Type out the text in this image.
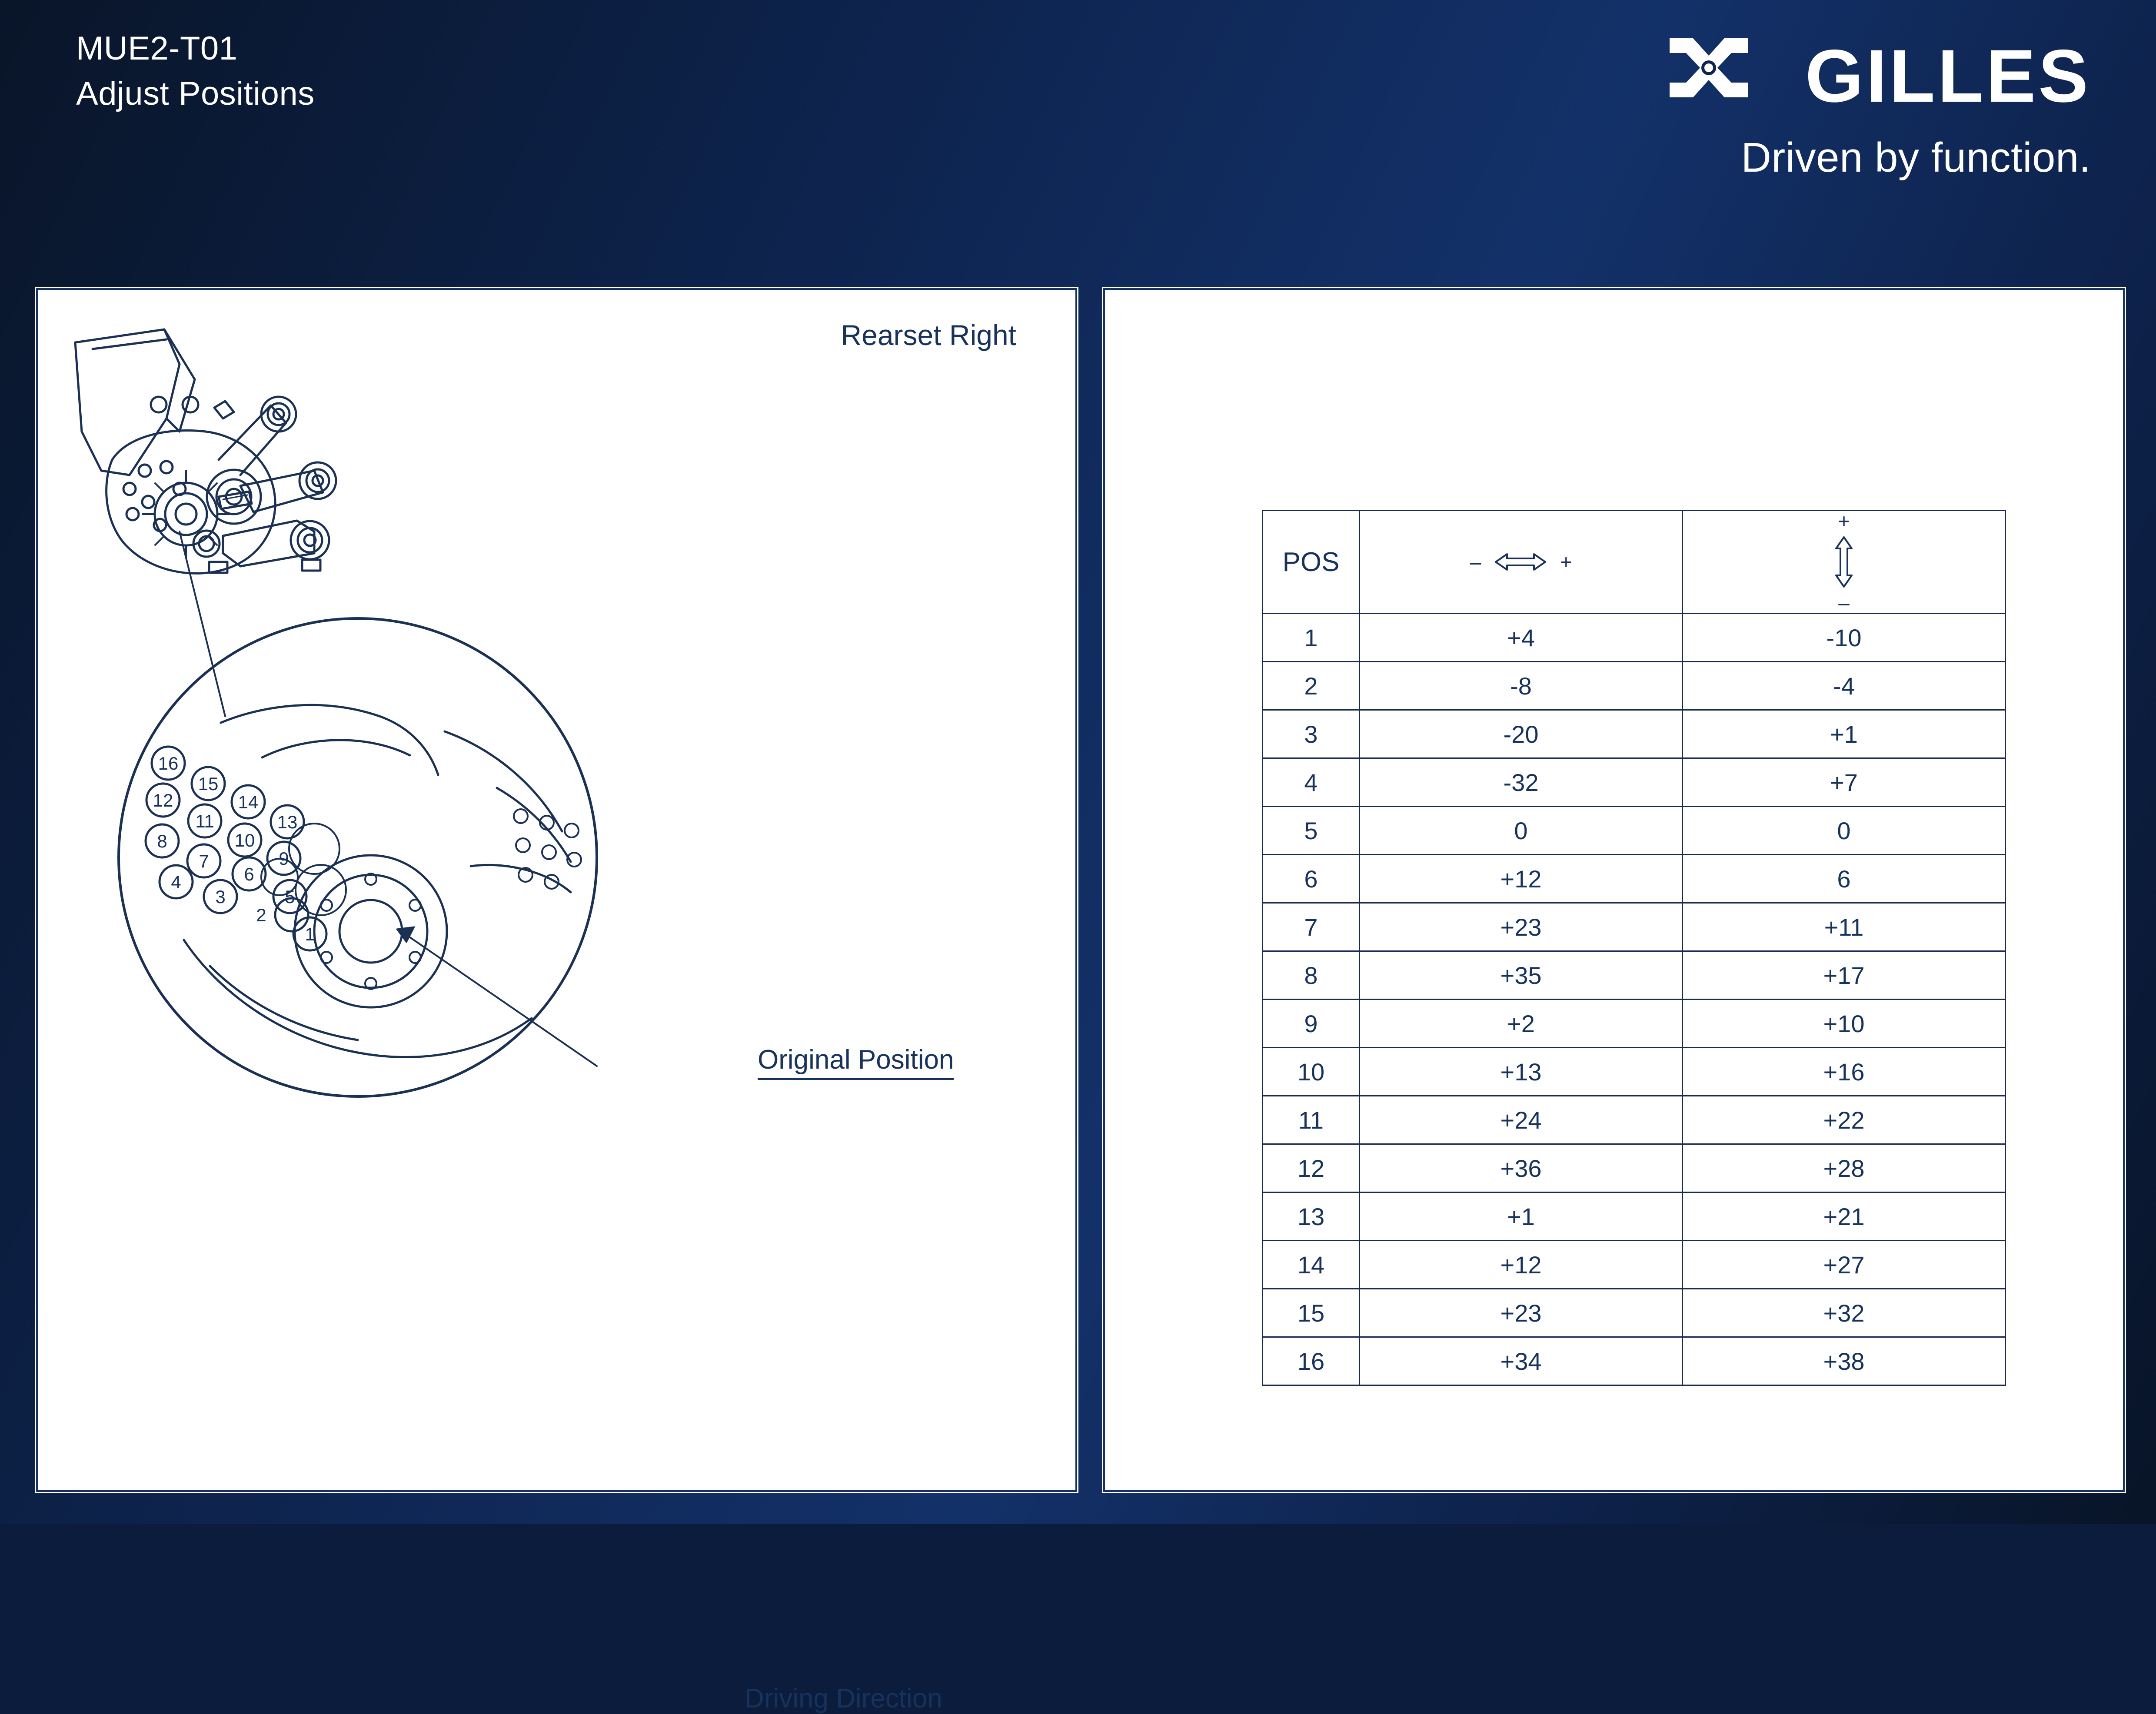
MUE2-T01
Adjust Positions	GILLES
Driven by function.
Rearset Right
Original Position
Driving Direction
16
15
12	14
11	13
8	10
7	9
4	6
3	5
2
1
POS	– +	+
–

1	+4	-10
2	-8	-4
3	-20	+1
4	-32	+7
5	0	0
6	+12	6
7	+23	+11
8	+35	+17
9	+2	+10
10	+13	+16
11	+24	+22
12	+36	+28
13	+1	+21
14	+12	+27
15	+23	+32
16	+34	+38
